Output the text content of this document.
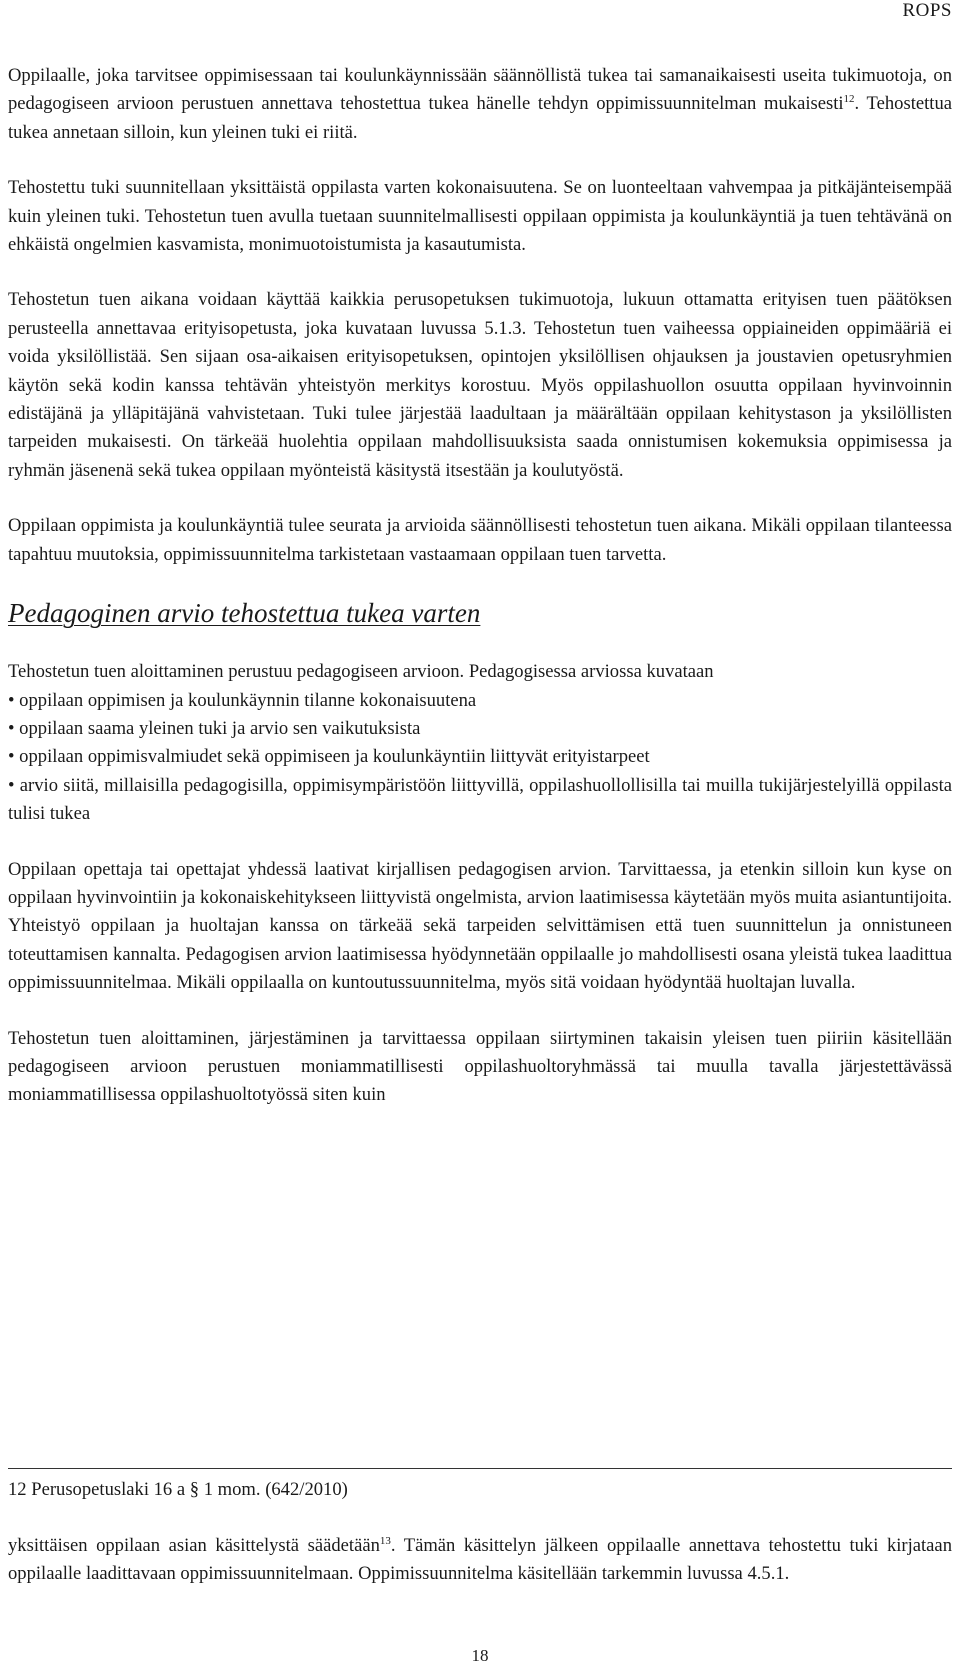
ROPS

Oppilaalle, joka tarvitsee oppimisessaan tai koulunkäynnissään säännöllistä tukea tai samanaikaisesti useita tukimuotoja, on pedagogiseen arvioon perustuen annettava tehostettua tukea hänelle tehdyn oppimissuunnitelman mukaisesti$^{12}$. Tehostettua tukea annetaan silloin, kun yleinen tuki ei riitä.

Tehostettu tuki suunnitellaan yksittäistä oppilasta varten kokonaisuutena. Se on luonteeltaan vahvempaa ja pitkäjänteisempää kuin yleinen tuki. Tehostetun tuen avulla tuetaan suunnitelmallisesti oppilaan oppimista ja koulunkäyntiä ja tuen tehtävänä on ehkäistä ongelmien kasvamista, monimuotoistumista ja kasautumista.

Tehostetun tuen aikana voidaan käyttää kaikkia perusopetuksen tukimuotoja, lukuun ottamatta erityisen tuen päätöksen perusteella annettavaa erityisopetusta, joka kuvataan luvussa 5.1.3. Tehostetun tuen vaiheessa oppiaineiden oppimääriä ei voida yksilöllistää. Sen sijaan osa-aikaisen erityisopetuksen, opintojen yksilöllisen ohjauksen ja joustavien opetusryhmien käytön sekä kodin kanssa tehtävän yhteistyön merkitys korostuu. Myös oppilashuollon osuutta oppilaan hyvinvoinnin edistäjänä ja ylläpitäjänä vahvistetaan. Tuki tulee järjestää laadultaan ja määrältään oppilaan kehitystason ja yksilöllisten tarpeiden mukaisesti. On tärkeää huolehtia oppilaan mahdollisuuksista saada onnistumisen kokemuksia oppimisessa ja ryhmän jäsenenä sekä tukea oppilaan myönteistä käsitystä itsestään ja koulutyöstä.

Oppilaan oppimista ja koulunkäyntiä tulee seurata ja arvioida säännöllisesti tehostetun tuen aikana. Mikäli oppilaan tilanteessa tapahtuu muutoksia, oppimissuunnitelma tarkistetaan vastaamaan oppilaan tuen tarvetta.

Pedagoginen arvio tehostettua tukea varten

Tehostetun tuen aloittaminen perustuu pedagogiseen arvioon. Pedagogisessa arviossa kuvataan

• oppilaan oppimisen ja koulunkäynnin tilanne kokonaisuutena
• oppilaan saama yleinen tuki ja arvio sen vaikutuksista
• oppilaan oppimisvalmiudet sekä oppimiseen ja koulunkäyntiin liittyvät erityistarpeet
• arvio siitä, millaisilla pedagogisilla, oppimisympäristöön liittyvillä, oppilashuollollisilla tai muilla tukijärjestelyillä oppilasta tulisi tukea

Oppilaan opettaja tai opettajat yhdessä laativat kirjallisen pedagogisen arvion. Tarvittaessa, ja etenkin silloin kun kyse on oppilaan hyvinvointiin ja kokonaiskehitykseen liittyvistä ongelmista, arvion laatimisessa käytetään myös muita asiantuntijoita. Yhteistyö oppilaan ja huoltajan kanssa on tärkeää sekä tarpeiden selvittämisen että tuen suunnittelun ja onnistuneen toteuttamisen kannalta. Pedagogisen arvion laatimisessa hyödynnetään oppilaalle jo mahdollisesti osana yleistä tukea laadittua oppimissuunnitelmaa. Mikäli oppilaalla on kuntoutussuunnitelma, myös sitä voidaan hyödyntää huoltajan luvalla.

Tehostetun tuen aloittaminen, järjestäminen ja tarvittaessa oppilaan siirtyminen takaisin yleisen tuen piiriin käsitellään pedagogiseen arvioon perustuen moniammatillisesti oppilashuoltoryhmässä tai muulla tavalla järjestettävässä moniammatillisessa oppilashuoltotyössä siten kuin

12 Perusopetuslaki 16 a § 1 mom. (642/2010)
yksittäisen oppilaan asian käsittelystä säädetään$^{13}$. Tämän käsittelyn jälkeen oppilaalle annettava tehostettu tuki kirjataan oppilaalle laadittavaan oppimissuunnitelmaan. Oppimissuunnitelma käsitellään tarkemmin luvussa 4.5.1.
18
